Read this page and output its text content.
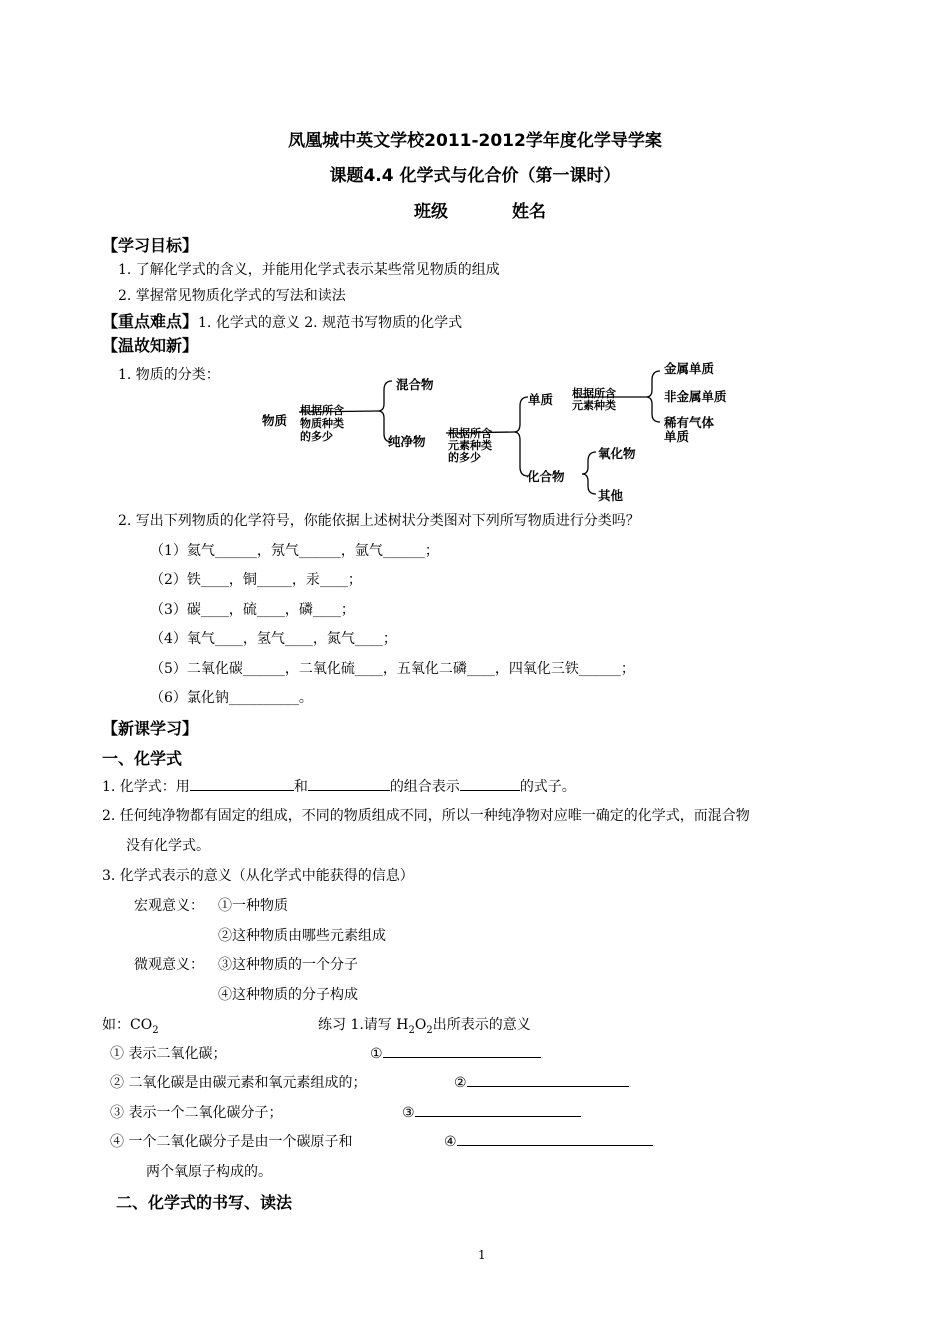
凤凰城中英文学校2011-2012学年度化学导学案
课题4.4 化学式与化合价（第一课时）
班级	姓名
【学习目标】
1. 了解化学式的含义，并能用化学式表示某些常见物质的组成
2. 掌握常见物质化学式的写法和读法
【重点难点】1. 化学式的意义 2. 规范书写物质的化学式
【温故知新】
1. 物质的分类：
物质
根据所含
物质种类
的多少
混合物
纯净物
根据所含
元素种类
的多少
单质 根据所含
元素种类
金属单质
非金属单质
稀有气体
单质
化合物
氧化物
其他
2. 写出下列物质的化学符号，你能依据上述树状分类图对下列所写物质进行分类吗？
（1）氦气______，氖气______，氩气______；
（2）铁____，铜_____，汞____；
（3）碳____，硫____，磷____；
（4）氧气____，氢气____，氮气____；
（5）二氧化碳______，二氧化硫____，五氧化二磷____，四氧化三铁______；
（6）氯化钠__________。
【新课学习】
一、化学式
1. 化学式：用	和	的组合表示	的式子。
2. 任何纯净物都有固定的组成，不同的物质组成不同，所以一种纯净物对应唯一确定的化学式，而混合物
没有化学式。
3. 化学式表示的意义（从化学式中能获得的信息）
宏观意义： ①一种物质
②这种物质由哪些元素组成
微观意义： ③这种物质的一个分子
④这种物质的分子构成
如：$CO_2$	练习 1.请写 $H_2O_2$出所表示的意义
① 表示二氧化碳；	①
② 二氧化碳是由碳元素和氧元素组成的；	②
③ 表示一个二氧化碳分子；	③
④ 一个二氧化碳分子是由一个碳原子和	④
两个氧原子构成的。
二、化学式的书写、读法
1
